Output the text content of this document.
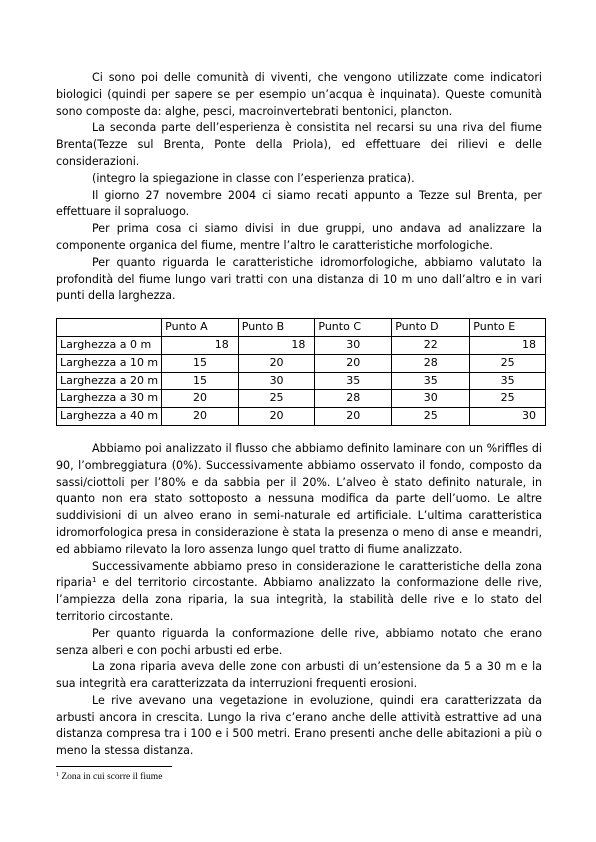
Ci sono poi delle comunità di viventi, che vengono utilizzate come indicatori biologici (quindi per sapere se per esempio un’acqua è inquinata). Queste comunità sono composte da: alghe, pesci, macroinvertebrati bentonici, plancton.

La seconda parte dell’esperienza è consistita nel recarsi su una riva del fiume Brenta(Tezze sul Brenta, Ponte della Priola), ed effettuare dei rilievi e delle considerazioni.

(integro la spiegazione in classe con l’esperienza pratica).

Il giorno 27 novembre 2004 ci siamo recati appunto a Tezze sul Brenta, per effettuare il sopraluogo.

Per prima cosa ci siamo divisi in due gruppi, uno andava ad analizzare la componente organica del fiume, mentre l’altro le caratteristiche morfologiche.

Per quanto riguarda le caratteristiche idromorfologiche, abbiamo valutato la profondità del fiume lungo vari tratti con una distanza di 10 m uno dall’altro e in vari punti della larghezza.

	Punto A	Punto B	Punto C	Punto D	Punto E
Larghezza a 0 m	18	18	30	22	18
Larghezza a 10 m	15	20	20	28	25
Larghezza a 20 m	15	30	35	35	35
Larghezza a 30 m	20	25	28	30	25
Larghezza a 40 m	20	20	20	25	30

Abbiamo poi analizzato il flusso che abbiamo definito laminare con un %riffles di 90, l’ombreggiatura (0%). Successivamente abbiamo osservato il fondo, composto da sassi/ciottoli per l’80% e da sabbia per il 20%. L’alveo è stato definito naturale, in quanto non era stato sottoposto a nessuna modifica da parte dell’uomo. Le altre suddivisioni di un alveo erano in semi-naturale ed artificiale. L’ultima caratteristica idromorfologica presa in considerazione è stata la presenza o meno di anse e meandri, ed abbiamo rilevato la loro assenza lungo quel tratto di fiume analizzato.

Successivamente abbiamo preso in considerazione le caratteristiche della zona riparia$^1$ e del territorio circostante. Abbiamo analizzato la conformazione delle rive, l’ampiezza della zona riparia, la sua integrità, la stabilità delle rive e lo stato del territorio circostante.

Per quanto riguarda la conformazione delle rive, abbiamo notato che erano senza alberi e con pochi arbusti ed erbe.

La zona riparia aveva delle zone con arbusti di un’estensione da 5 a 30 m e la sua integrità era caratterizzata da interruzioni frequenti erosioni.

Le rive avevano una vegetazione in evoluzione, quindi era caratterizzata da arbusti ancora in crescita. Lungo la riva c’erano anche delle attività estrattive ad una distanza compresa tra i 100 e i 500 metri. Erano presenti anche delle abitazioni a più o meno la stessa distanza.

$^1$ Zona in cui scorre il fiume
